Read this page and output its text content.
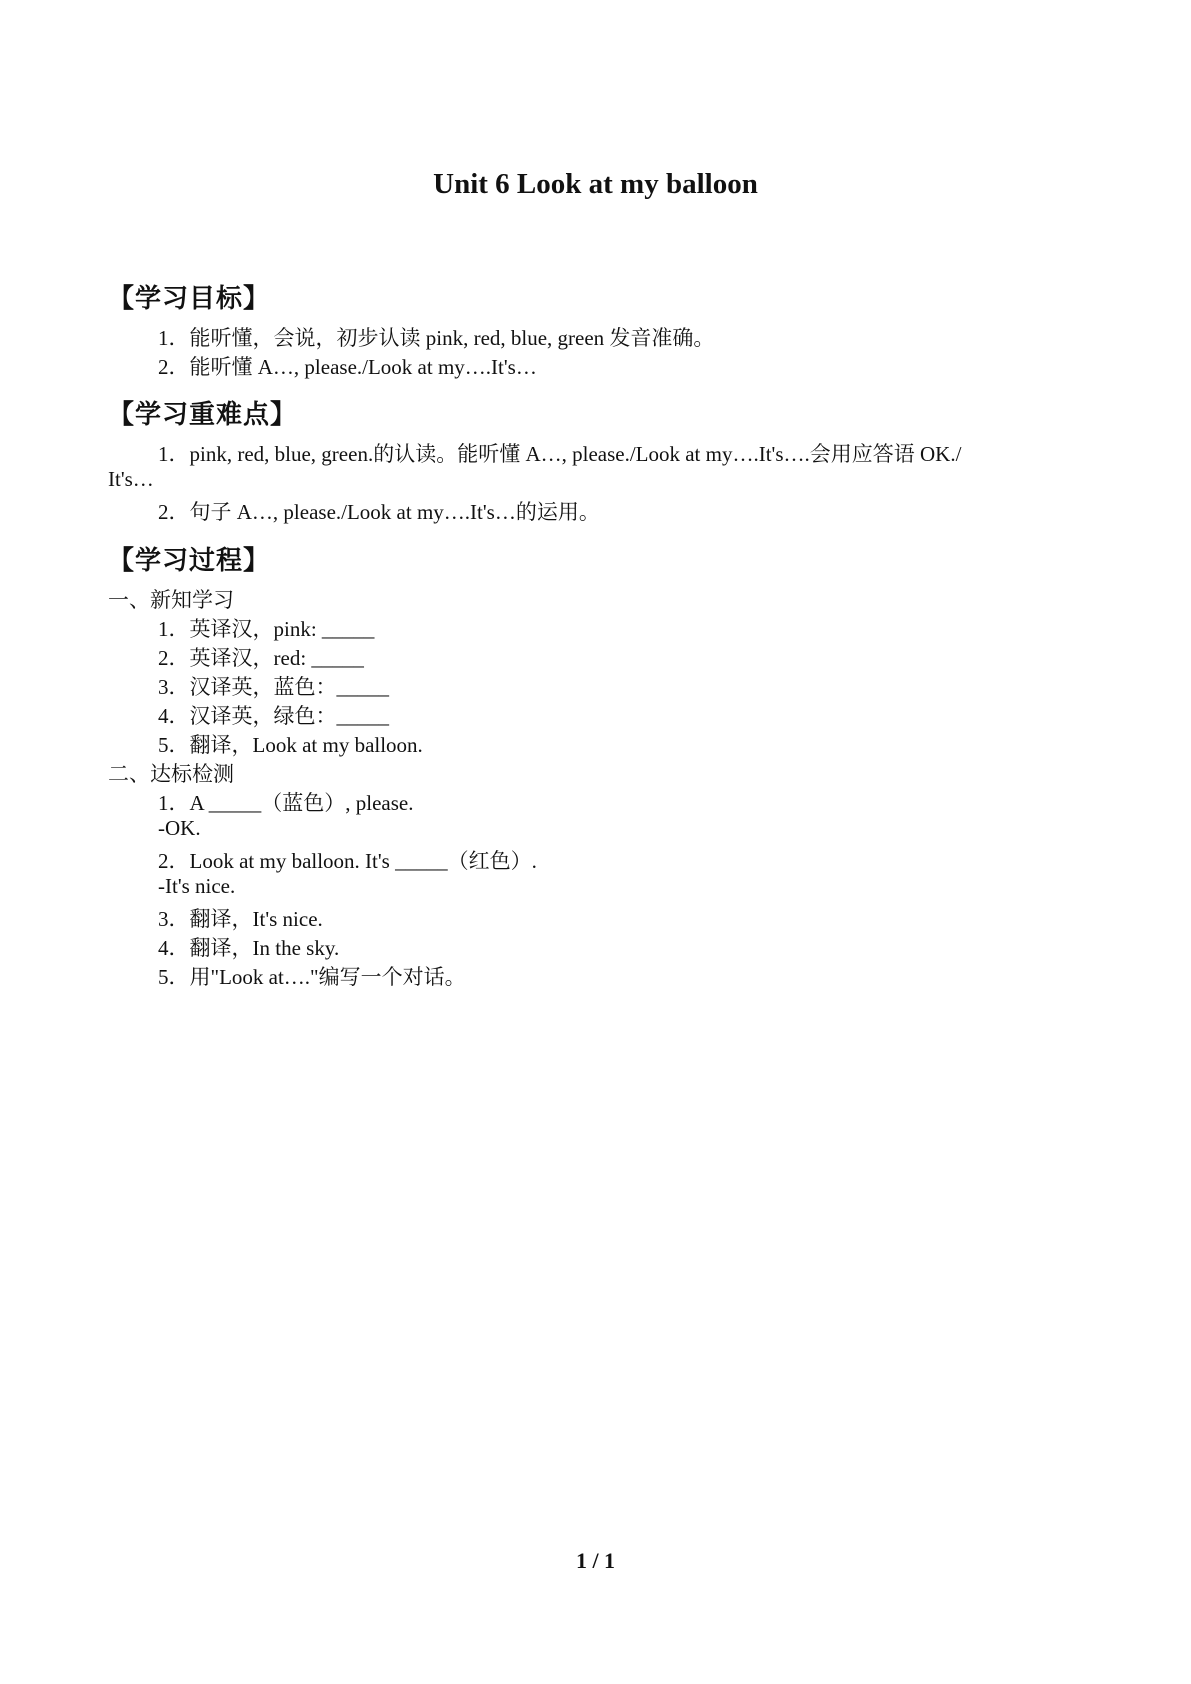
Unit 6 Look at my balloon
【学习目标】
1．能听懂，会说，初步认读 pink, red, blue, green 发音准确。
2．能听懂 A…, please./Look at my….It's…
【学习重难点】
1．pink, red, blue, green.的认读。能听懂 A…, please./Look at my….It's….会用应答语 OK./
It's…
2．句子 A…, please./Look at my….It's…的运用。
【学习过程】
一、新知学习
1．英译汉，pink: _____
2．英译汉，red: _____
3．汉译英，蓝色：_____
4．汉译英，绿色：_____
5．翻译，Look at my balloon.
二、达标检测
1．A _____（蓝色）, please.
-OK.
2．Look at my balloon. It's _____（红色）.
-It's nice.
3．翻译，It's nice.
4．翻译，In the sky.
5．用"Look at…."编写一个对话。
1 / 1
